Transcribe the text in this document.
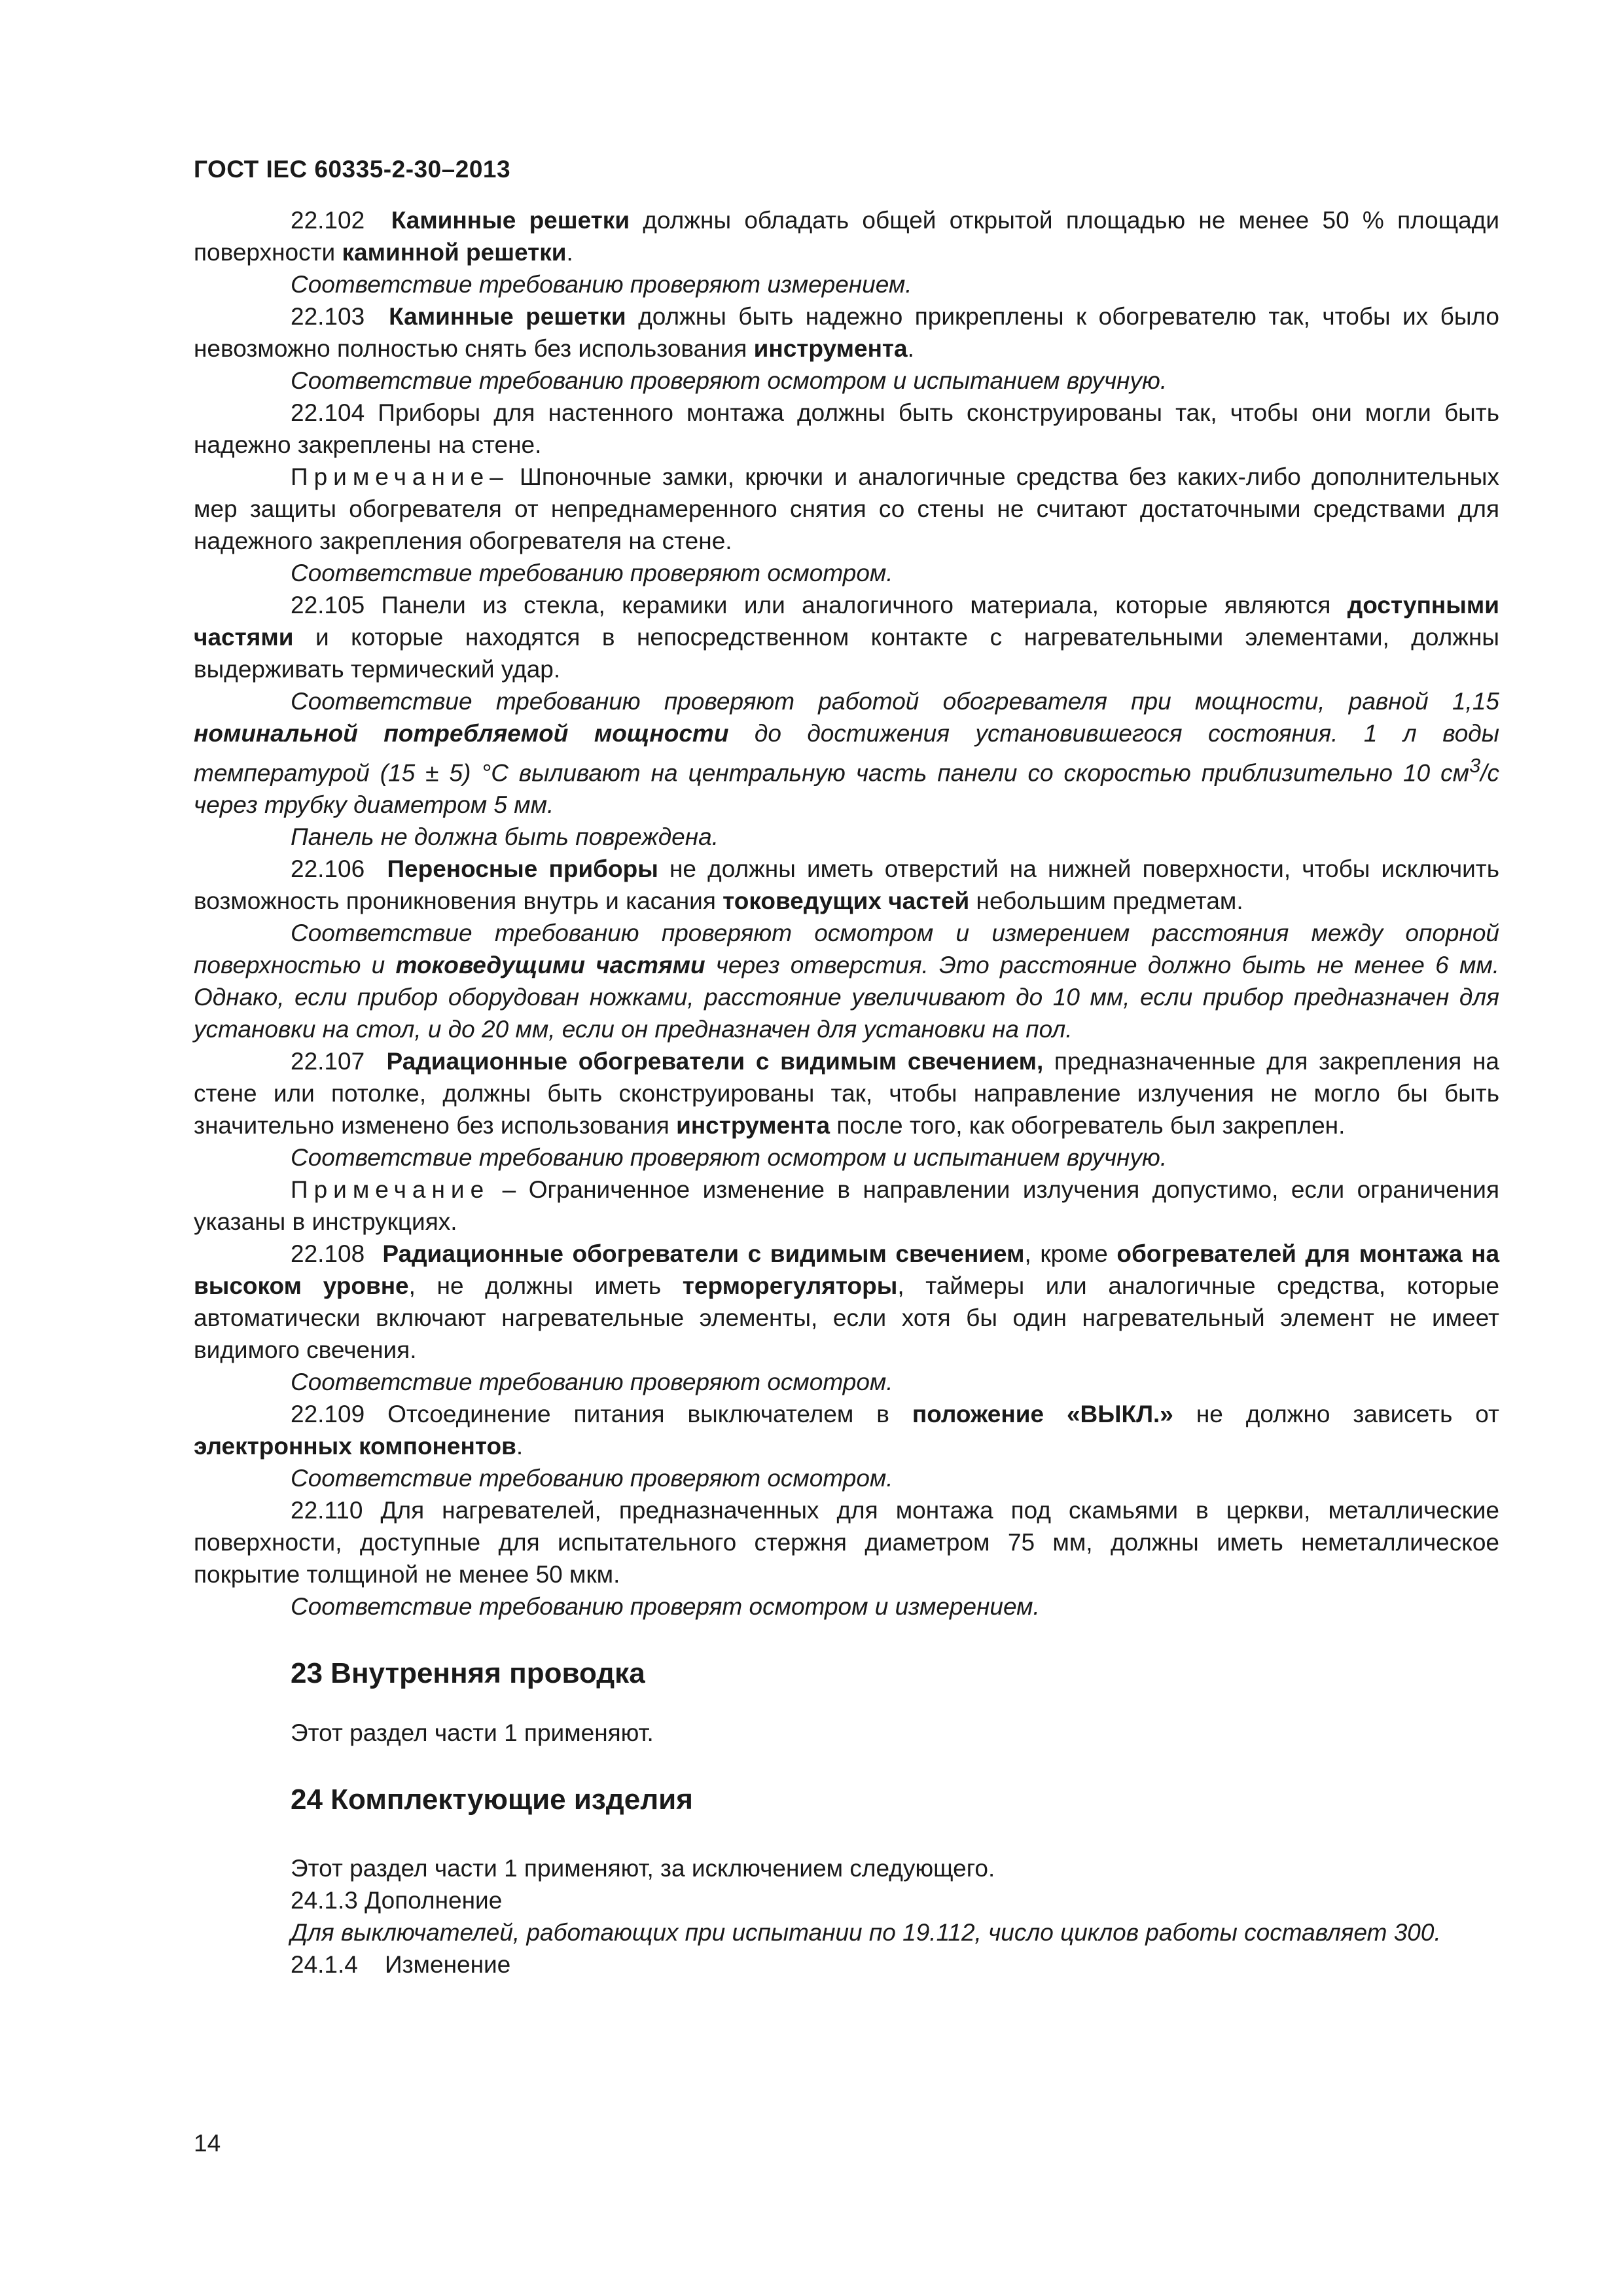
ГОСТ IEC 60335-2-30–2013

22.102 Каминные решетки должны обладать общей открытой площадью не менее 50 % площади поверхности каминной решетки.

Соответствие требованию проверяют измерением.

22.103 Каминные решетки должны быть надежно прикреплены к обогревателю так, чтобы их было невозможно полностью снять без использования инструмента.

Соответствие требованию проверяют осмотром и испытанием вручную.

22.104 Приборы для настенного монтажа должны быть сконструированы так, чтобы они могли быть надежно закреплены на стене.

Примечание– Шпоночные замки, крючки и аналогичные средства без каких-либо дополнительных мер защиты обогревателя от непреднамеренного снятия со стены не считают достаточными средствами для надежного закрепления обогревателя на стене.

Соответствие требованию проверяют осмотром.

22.105 Панели из стекла, керамики или аналогичного материала, которые являются доступными частями и которые находятся в непосредственном контакте с нагревательными элементами, должны выдерживать термический удар.

Соответствие требованию проверяют работой обогревателя при мощности, равной 1,15 номинальной потребляемой мощности до достижения установившегося состояния. 1 л воды температурой (15 ± 5) °С выливают на центральную часть панели со скоростью приблизительно 10 $см^3/с$ через трубку диаметром 5 мм.

Панель не должна быть повреждена.

22.106 Переносные приборы не должны иметь отверстий на нижней поверхности, чтобы исключить возможность проникновения внутрь и касания токоведущих частей небольшим предметам.

Соответствие требованию проверяют осмотром и измерением расстояния между опорной поверхностью и токоведущими частями через отверстия. Это расстояние должно быть не менее 6 мм. Однако, если прибор оборудован ножками, расстояние увеличивают до 10 мм, если прибор предназначен для установки на стол, и до 20 мм, если он предназначен для установки на пол.

22.107 Радиационные обогреватели с видимым свечением, предназначенные для закрепления на стене или потолке, должны быть сконструированы так, чтобы направление излучения не могло бы быть значительно изменено без использования инструмента после того, как обогреватель был закреплен.

Соответствие требованию проверяют осмотром и испытанием вручную.

Примечание – Ограниченное изменение в направлении излучения допустимо, если ограничения указаны в инструкциях.

22.108 Радиационные обогреватели с видимым свечением, кроме обогревателей для монтажа на высоком уровне, не должны иметь терморегуляторы, таймеры или аналогичные средства, которые автоматически включают нагревательные элементы, если хотя бы один нагревательный элемент не имеет видимого свечения.

Соответствие требованию проверяют осмотром.

22.109 Отсоединение питания выключателем в положение «ВЫКЛ.» не должно зависеть от электронных компонентов.

Соответствие требованию проверяют осмотром.

22.110 Для нагревателей, предназначенных для монтажа под скамьями в церкви, металлические поверхности, доступные для испытательного стержня диаметром 75 мм, должны иметь неметаллическое покрытие толщиной не менее 50 мкм.

Соответствие требованию проверят осмотром и измерением.

23 Внутренняя проводка

Этот раздел части 1 применяют.

24 Комплектующие изделия

Этот раздел части 1 применяют, за исключением следующего.

24.1.3 Дополнение

Для выключателей, работающих при испытании по 19.112, число циклов работы составляет 300.

24.1.4    Изменение

14
